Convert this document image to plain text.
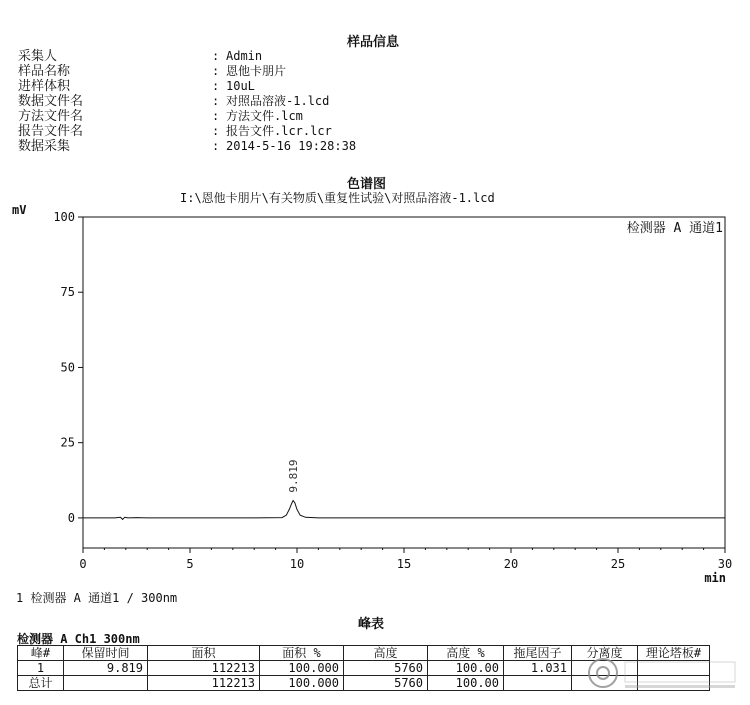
样品信息
采集人	: Admin
样品名称	: 恩他卡朋片
进样体积	: 10uL
数据文件名	: 对照品溶液-1.lcd
方法文件名	: 方法文件.lcm
报告文件名	: 报告文件.lcr.lcr
数据采集	: 2014-5-16 19:28:38
色谱图
I:\恩他卡朋片\有关物质\重复性试验\对照品溶液-1.lcd
0
25
50
75
100
0	5	10	15	20	25	30
mV
min
检测器 A 通道1
9.819
1 检测器 A 通道1 / 300nm
峰表
检测器 A Ch1 300nm
峰#	保留时间	面积	面积 %	高度	高度 %	拖尾因子	分离度	理论塔板#
1	9.819	112213	100.000	5760	100.00	1.031		
总计		112213	100.000	5760	100.00			
